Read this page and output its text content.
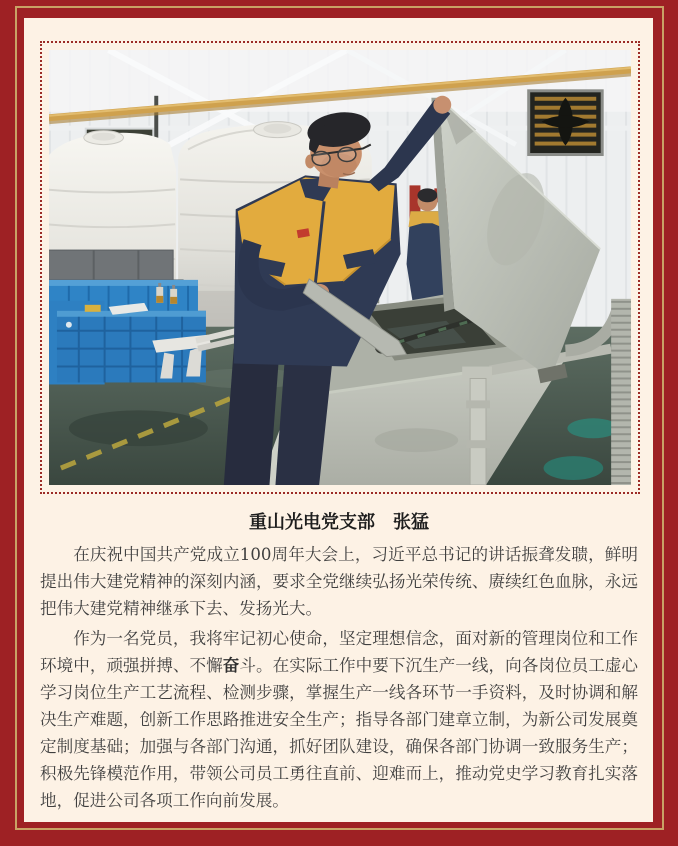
重山光电党支部　张猛

在庆祝中国共产党成立100周年大会上，习近平总书记的讲话振聋发聩，鲜明提出伟大建党精神的深刻内涵，要求全党继续弘扬光荣传统、赓续红色血脉，永远把伟大建党精神继承下去、发扬光大。

作为一名党员，我将牢记初心使命，坚定理想信念，面对新的管理岗位和工作环境中，顽强拼搏、不懈奋斗。在实际工作中要下沉生产一线，向各岗位员工虚心学习岗位生产工艺流程、检测步骤，掌握生产一线各环节一手资料，及时协调和解决生产难题，创新工作思路推进安全生产；指导各部门建章立制，为新公司发展奠定制度基础；加强与各部门沟通，抓好团队建设，确保各部门协调一致服务生产；积极先锋模范作用，带领公司员工勇往直前、迎难而上，推动党史学习教育扎实落地，促进公司各项工作向前发展。
